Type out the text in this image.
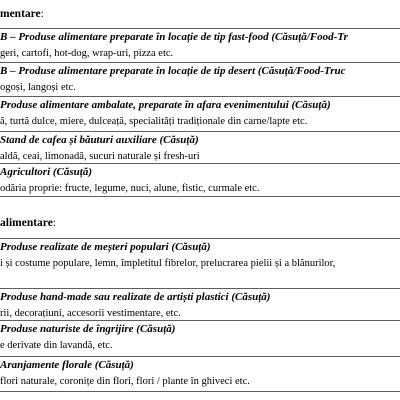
mentare:
B – Produse alimentare preparate în locație de tip fast-food (Căsuță/Food-Tr
geri, cartofi, hot-dog, wrap-uri, pizza etc.
B – Produse alimentare preparate în locație de tip desert (Căsuță/Food-Truc
ogoși, langoși etc.
Produse alimentare ambalate, preparate în afara evenimentului (Căsuță)
ă, turtă dulce, miere, dulceață, specialități tradiționale din carne/lapte etc.
Stand de cafea și băuturi auxiliare (Căsuță)
aldă, ceai, limonadă, sucuri naturale și fresh-uri
Agricultori (Căsuță)
odăria proprie: fructe, legume, nuci, alune, fistic, curmale etc.
alimentare:
Produse realizate de meșteri populari (Căsuță)
i și costume populare, lemn, împletitul fibrelor, prelucrarea pielii și a blănurilor,
Produse hand-made sau realizate de artiști plastici (Căsuță)
rii, decorațiuni, accesorii vestimentare, etc.
Produse naturiste de îngrijire (Căsuță)
e derivate din lavandă, etc.
Aranjamente florale (Căsuță)
flori naturale, coronițe din flori, flori / plante în ghiveci etc.
